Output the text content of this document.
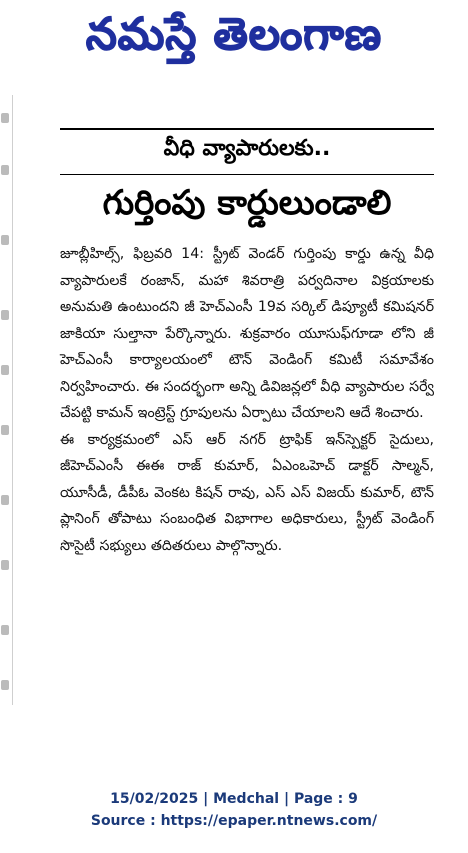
నమస్తే తెలంగాణ
వీధి వ్యాపారులకు..
గుర్తింపు కార్డులుండాలి

జూబ్లీహిల్స్, ఫిబ్రవరి 14: స్ట్రీట్ వెండర్ గుర్తింపు కార్డు ఉన్న వీధి వ్యాపారులకే రంజాన్, మహా శివరాత్రి పర్వదినాల విక్రయాలకు అనుమతి ఉంటుందని జీ హెచ్ఎంసీ 19వ సర్కిల్ డిప్యూటీ కమిషనర్ జాకియా సుల్తానా పేర్కొన్నారు. శుక్రవారం యూసుఫ్‌గూడా లోని జీ హెచ్ఎంసీ కార్యాలయంలో టౌన్ వెండింగ్ కమిటీ సమావేశం నిర్వహించారు. ఈ సందర్భంగా అన్ని డివిజన్లలో వీధి వ్యాపారుల సర్వే చేపట్టి కామన్ ఇంట్రెస్ట్ గ్రూపులను ఏర్పాటు చేయాలని ఆదే శించారు.

ఈ కార్యక్రమంలో ఎస్ ఆర్ నగర్ ట్రాఫిక్ ఇన్‌స్పెక్టర్ సైదులు, జీహెచ్ఎంసీ ఈఈ రాజ్ కుమార్, ఏఎంఒహెచ్ డాక్టర్ సాల్మన్, యూసీడీ, డీపీఓ వెంకట కిషన్ రావు, ఎస్ ఎస్ విజయ్ కుమార్, టౌన్ ప్లానింగ్ తోపాటు సంబంధిత విభాగాల అధికారులు, స్ట్రీట్ వెండింగ్ సొసైటీ సభ్యులు తదితరులు పాల్గొన్నారు.

15/02/2025 | Medchal | Page : 9
Source : https://epaper.ntnews.com/
